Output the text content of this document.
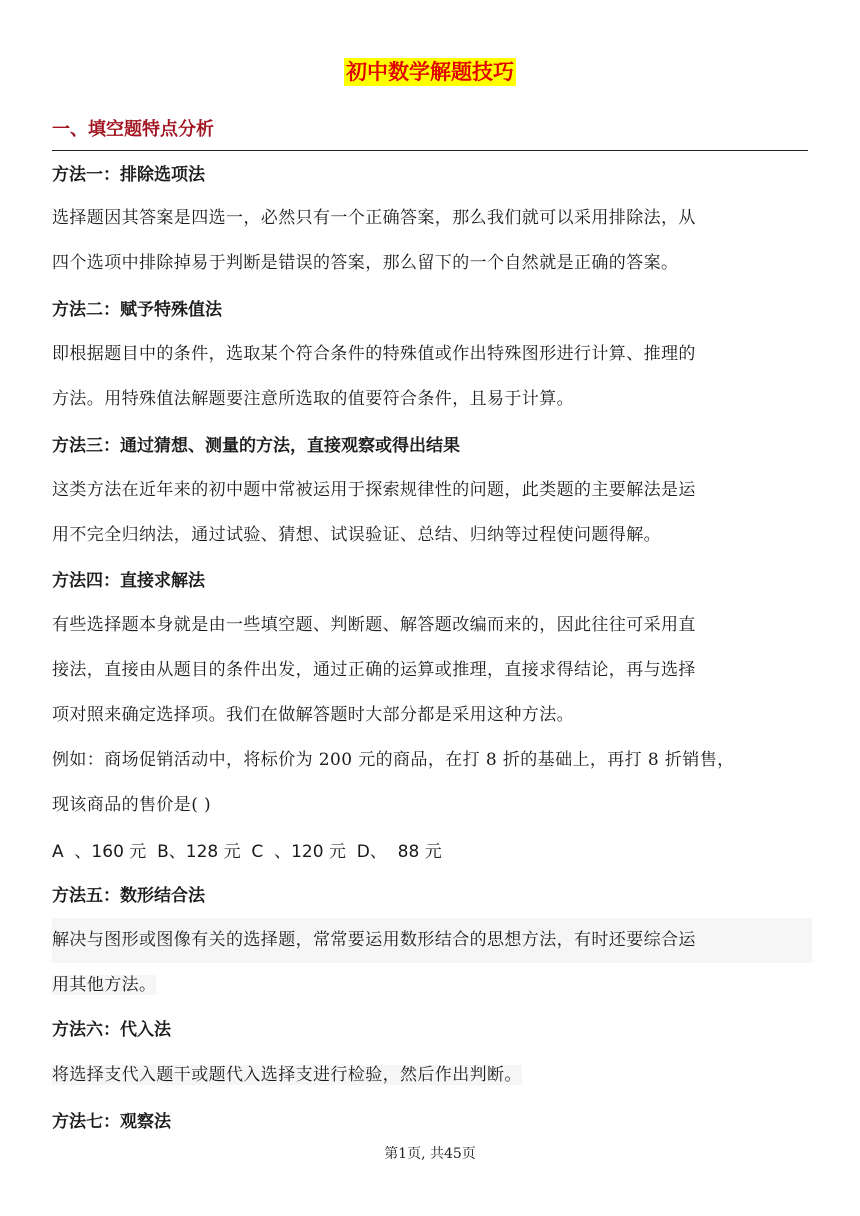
初中数学解题技巧
一、填空题特点分析
方法一：排除选项法
选择题因其答案是四选一，必然只有一个正确答案，那么我们就可以采用排除法，从
四个选项中排除掉易于判断是错误的答案，那么留下的一个自然就是正确的答案。
方法二：赋予特殊值法
即根据题目中的条件，选取某个符合条件的特殊值或作出特殊图形进行计算、推理的
方法。用特殊值法解题要注意所选取的值要符合条件，且易于计算。
方法三：通过猜想、测量的方法，直接观察或得出结果
这类方法在近年来的初中题中常被运用于探索规律性的问题，此类题的主要解法是运
用不完全归纳法，通过试验、猜想、试误验证、总结、归纳等过程使问题得解。
方法四：直接求解法
有些选择题本身就是由一些填空题、判断题、解答题改编而来的，因此往往可采用直
接法，直接由从题目的条件出发，通过正确的运算或推理，直接求得结论，再与选择
项对照来确定选择项。我们在做解答题时大部分都是采用这种方法。
例如：商场促销活动中，将标价为 200 元的商品，在打 8 折的基础上，再打 8 折销售，
现该商品的售价是( )
A  、160 元  B、128 元  C  、120 元  D、  88 元
方法五：数形结合法
解决与图形或图像有关的选择题，常常要运用数形结合的思想方法，有时还要综合运
用其他方法。
方法六：代入法
将选择支代入题干或题代入选择支进行检验，然后作出判断。
方法七：观察法
第1页, 共45页
